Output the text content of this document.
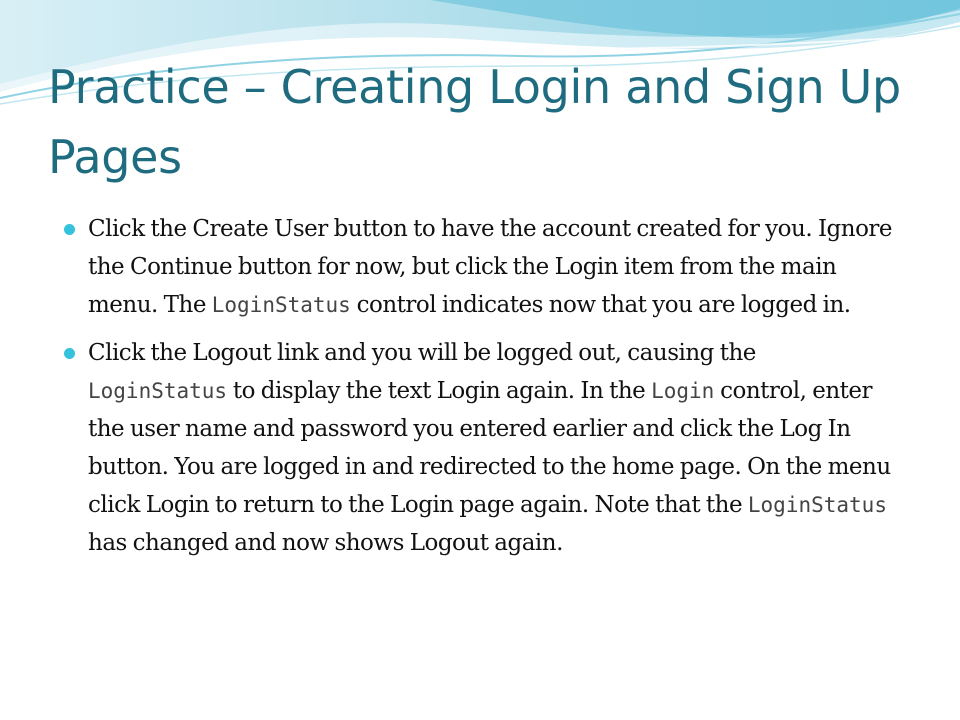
Practice – Creating Login and Sign Up Pages
Click the Create User button to have the account created for you. Ignore the Continue button for now, but click the Login item from the main menu. The LoginStatus control indicates now that you are logged in.
Click the Logout link and you will be logged out, causing the LoginStatus to display the text Login again. In the Login control, enter the user name and password you entered earlier and click the Log In button. You are logged in and redirected to the home page. On the menu click Login to return to the Login page again. Note that the LoginStatus has changed and now shows Logout again.
